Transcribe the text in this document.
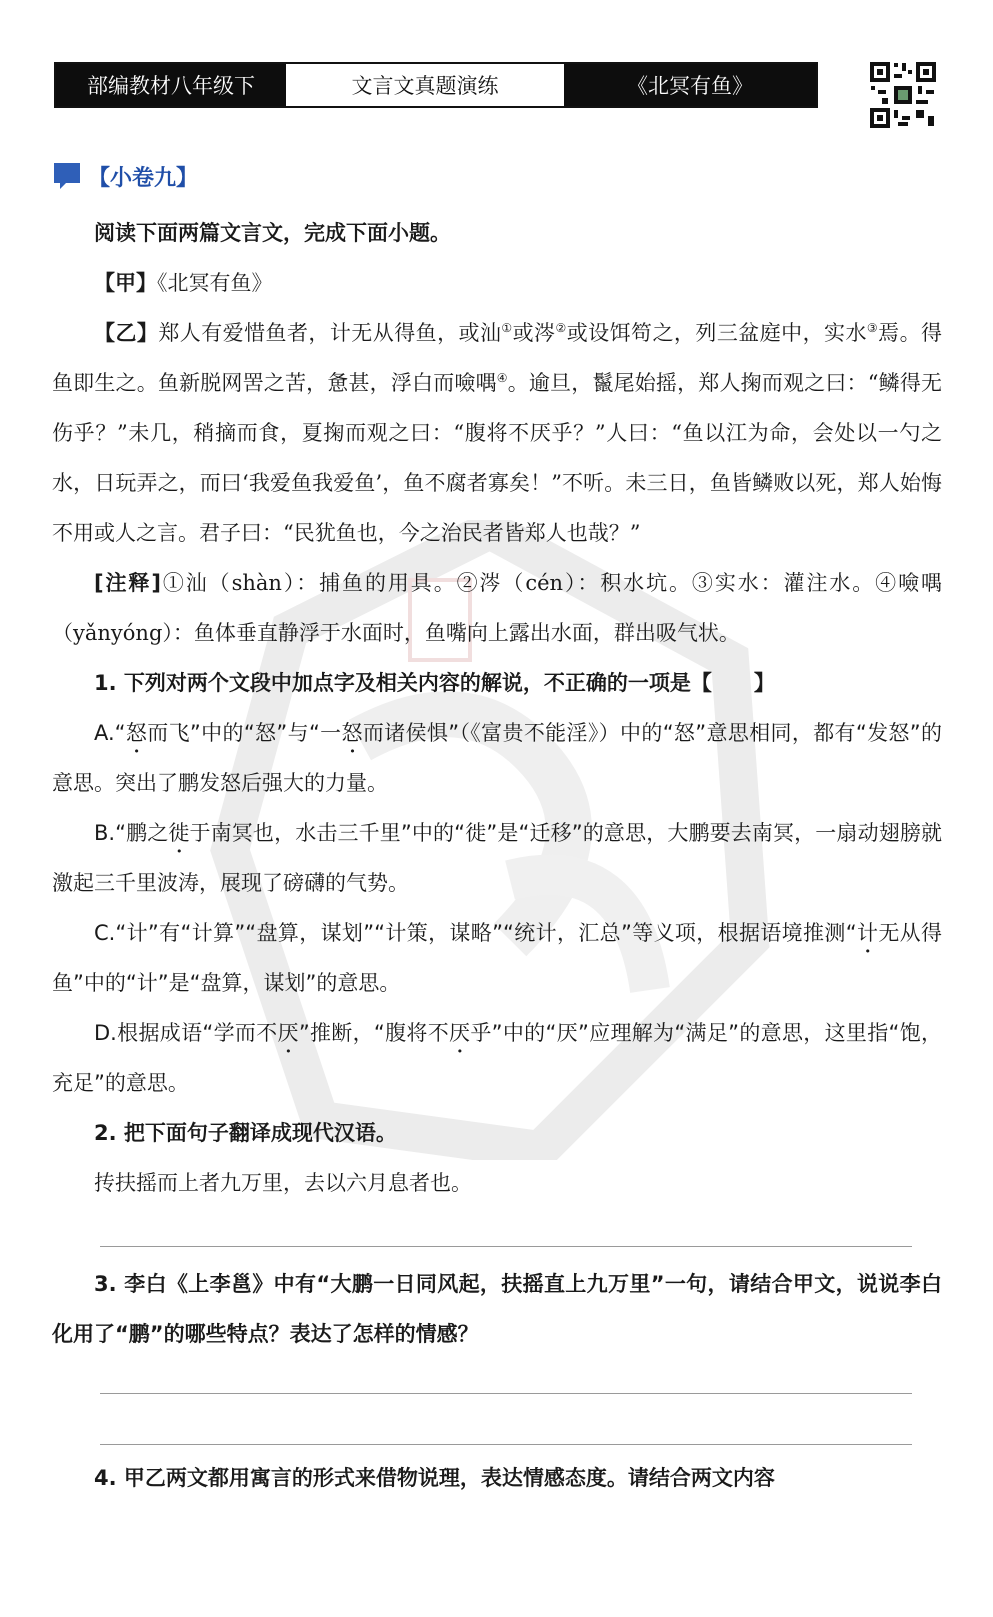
部编教材八年级下	文言文真题演练	《北冥有鱼》
【小卷九】

阅读下面两篇文言文，完成下面小题。

【甲】《北冥有鱼》

【乙】郑人有爱惜鱼者，计无从得鱼，或汕①或涔②或设饵笱之，列三盆庭中，实水③焉。得鱼即生之。鱼新脱网罟之苦，惫甚，浮白而噞喁④。逾旦，鬣尾始摇，郑人掬而观之曰：“鳞得无伤乎？”未几，稍摘而食，夏掬而观之曰：“腹将不厌乎？”人曰：“鱼以江为命，会处以一勺之水，日玩弄之，而曰‘我爱鱼我爱鱼’，鱼不腐者寡矣！”不听。未三日，鱼皆鳞败以死，郑人始悔不用或人之言。君子曰：“民犹鱼也，今之治民者皆郑人也哉？”

[注释]①汕（shàn）：捕鱼的用具。②涔（cén）：积水坑。③实水：灌注水。④噞喁（yǎnyóng）：鱼体垂直静浮于水面时，鱼嘴向上露出水面，群出吸气状。

1. 下列对两个文段中加点字及相关内容的解说，不正确的一项是【　　】

A.“怒而飞”中的“怒”与“一怒而诸侯惧”（《富贵不能淫》）中的“怒”意思相同，都有“发怒”的意思。突出了鹏发怒后强大的力量。

B.“鹏之徙于南冥也，水击三千里”中的“徙”是“迁移”的意思，大鹏要去南冥，一扇动翅膀就激起三千里波涛，展现了磅礴的气势。

C.“计”有“计算”“盘算，谋划”“计策，谋略”“统计，汇总”等义项，根据语境推测“计无从得鱼”中的“计”是“盘算，谋划”的意思。

D.根据成语“学而不厌”推断，“腹将不厌乎”中的“厌”应理解为“满足”的意思，这里指“饱，充足”的意思。

2. 把下面句子翻译成现代汉语。

抟扶摇而上者九万里，去以六月息者也。

3. 李白《上李邕》中有“大鹏一日同风起，扶摇直上九万里”一句，请结合甲文，说说李白化用了“鹏”的哪些特点？表达了怎样的情感？

4. 甲乙两文都用寓言的形式来借物说理，表达情感态度。请结合两文内容
